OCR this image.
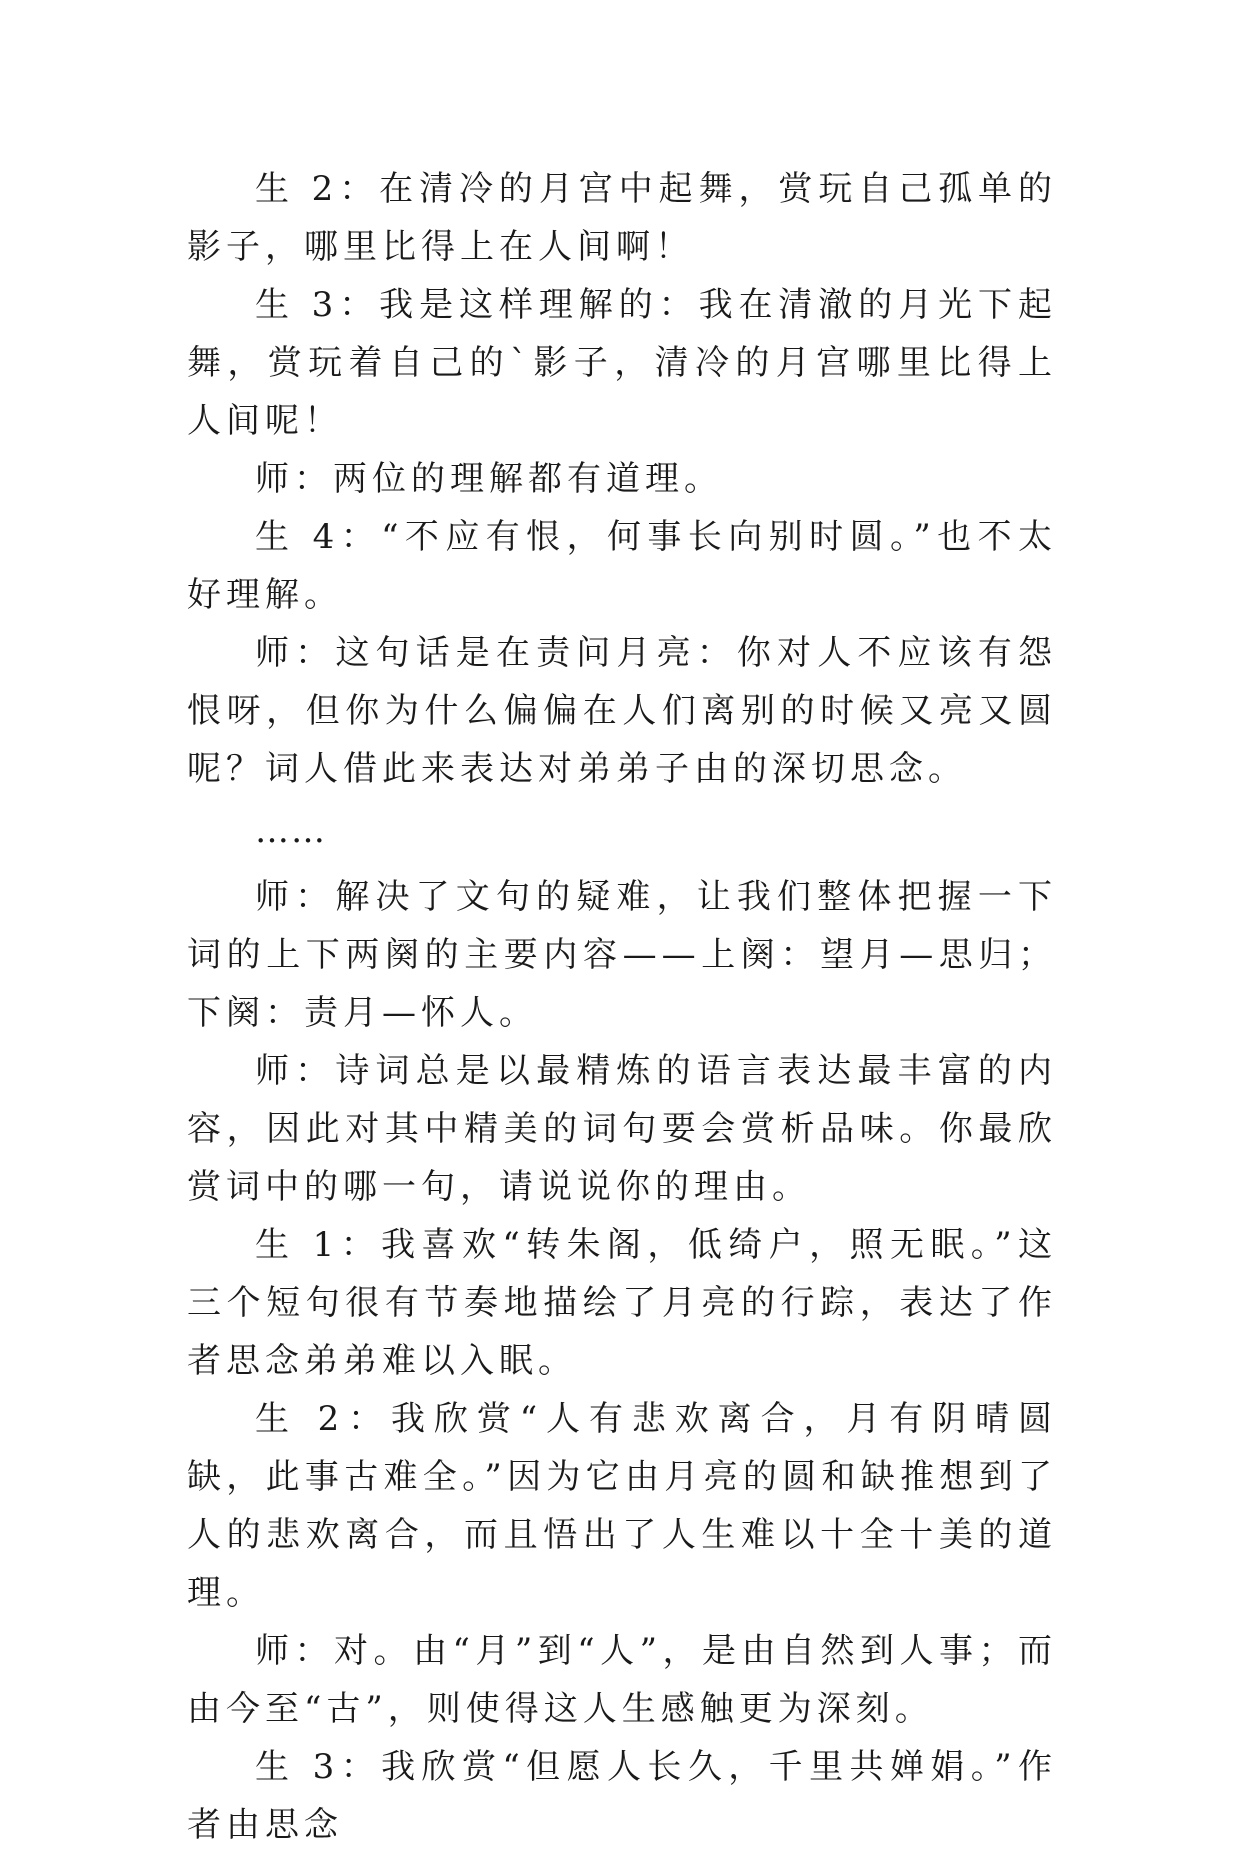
生 2：在清冷的月宫中起舞，赏玩自己孤单的影子，哪里比得上在人间啊！

生 3：我是这样理解的：我在清澈的月光下起舞，赏玩着自己的`影子，清冷的月宫哪里比得上人间呢！

师：两位的理解都有道理。

生 4：“不应有恨，何事长向别时圆。”也不太好理解。

师：这句话是在责问月亮：你对人不应该有怨恨呀，但你为什么偏偏在人们离别的时候又亮又圆呢？词人借此来表达对弟弟子由的深切思念。

……

师：解决了文句的疑难，让我们整体把握一下词的上下两阕的主要内容——上阕：望月—思归；下阕：责月—怀人。

师：诗词总是以最精炼的语言表达最丰富的内容，因此对其中精美的词句要会赏析品味。你最欣赏词中的哪一句，请说说你的理由。

生 1：我喜欢“转朱阁，低绮户，照无眠。”这三个短句很有节奏地描绘了月亮的行踪，表达了作者思念弟弟难以入眠。

生 2：我欣赏“人有悲欢离合，月有阴晴圆缺，此事古难全。”因为它由月亮的圆和缺推想到了人的悲欢离合，而且悟出了人生难以十全十美的道理。

师：对。由“月”到“人”，是由自然到人事；而由今至“古”，则使得这人生感触更为深刻。

生 3：我欣赏“但愿人长久，千里共婵娟。”作者由思念
